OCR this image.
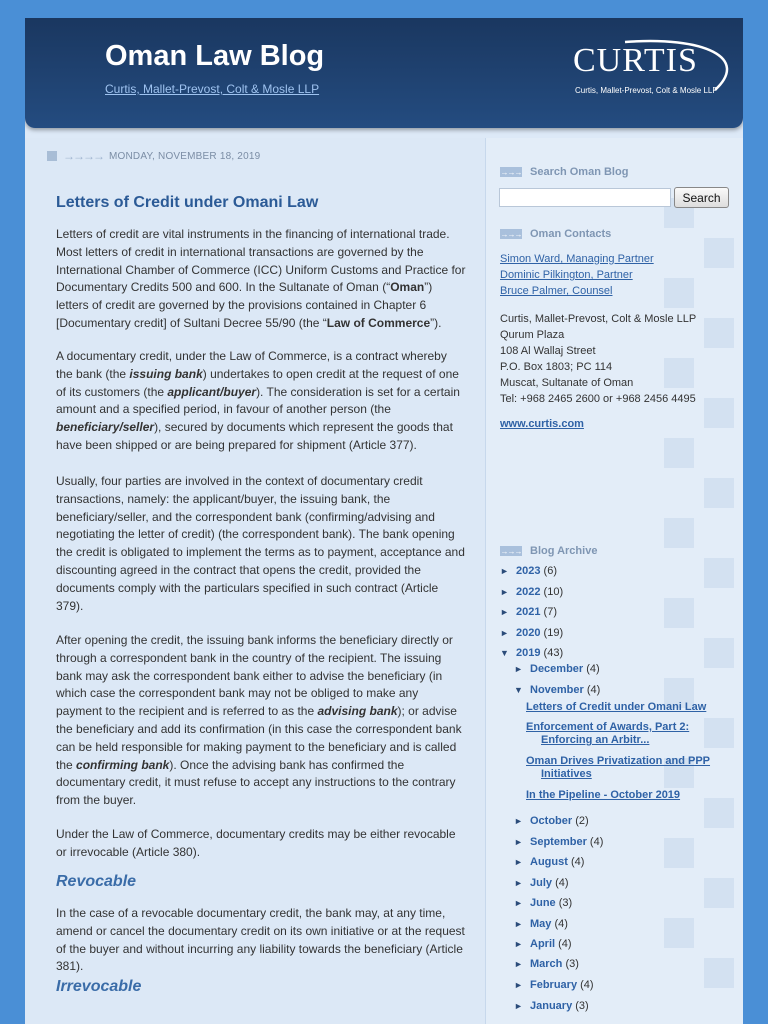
Oman Law Blog
Curtis, Mallet-Prevost, Colt & Mosle LLP
CURTIS
Curtis, Mallet-Prevost, Colt & Mosle LLP
→→→→ MONDAY, NOVEMBER 18, 2019
Letters of Credit under Omani Law
Letters of credit are vital instruments in the financing of international trade. Most letters of credit in international transactions are governed by the International Chamber of Commerce (ICC) Uniform Customs and Practice for Documentary Credits 500 and 600. In the Sultanate of Oman (“Oman”) letters of credit are governed by the provisions contained in Chapter 6 [Documentary credit] of Sultani Decree 55/90 (the “Law of Commerce”).
A documentary credit, under the Law of Commerce, is a contract whereby the bank (the issuing bank) undertakes to open credit at the request of one of its customers (the applicant/buyer). The consideration is set for a certain amount and a specified period, in favour of another person (the beneficiary/seller), secured by documents which represent the goods that have been shipped or are being prepared for shipment (Article 377).
Usually, four parties are involved in the context of documentary credit transactions, namely: the applicant/buyer, the issuing bank, the beneficiary/seller, and the correspondent bank (confirming/advising and negotiating the letter of credit) (the correspondent bank). The bank opening the credit is obligated to implement the terms as to payment, acceptance and discounting agreed in the contract that opens the credit, provided the documents comply with the particulars specified in such contract (Article 379).
After opening the credit, the issuing bank informs the beneficiary directly or through a correspondent bank in the country of the recipient. The issuing bank may ask the correspondent bank either to advise the beneficiary (in which case the correspondent bank may not be obliged to make any payment to the recipient and is referred to as the advising bank); or advise the beneficiary and add its confirmation (in this case the correspondent bank can be held responsible for making payment to the beneficiary and is called the confirming bank). Once the advising bank has confirmed the documentary credit, it must refuse to accept any instructions to the contrary from the buyer.
Under the Law of Commerce, documentary credits may be either revocable or irrevocable (Article 380).
Revocable
In the case of a revocable documentary credit, the bank may, at any time, amend or cancel the documentary credit on its own initiative or at the request of the buyer and without incurring any liability towards the beneficiary (Article 381).
Irrevocable
→→→ Search Oman Blog
Search
→→→ Oman Contacts
Simon Ward, Managing Partner
Dominic Pilkington, Partner
Bruce Palmer, Counsel
Curtis, Mallet-Prevost, Colt & Mosle LLP
Qurum Plaza
108 Al Wallaj Street
P.O. Box 1803; PC 114
Muscat, Sultanate of Oman
Tel: +968 2465 2600 or +968 2456 4495
www.curtis.com
→→→ Blog Archive
► 2023 (6)
► 2022 (10)
► 2021 (7)
► 2020 (19)
▼ 2019 (43)
► December (4)
▼ November (4)
Letters of Credit under Omani Law
Enforcement of Awards, Part 2:
Enforcing an Arbitr...
Oman Drives Privatization and PPP
Initiatives
In the Pipeline - October 2019
► October (2)
► September (4)
► August (4)
► July (4)
► June (3)
► May (4)
► April (4)
► March (3)
► February (4)
► January (3)
